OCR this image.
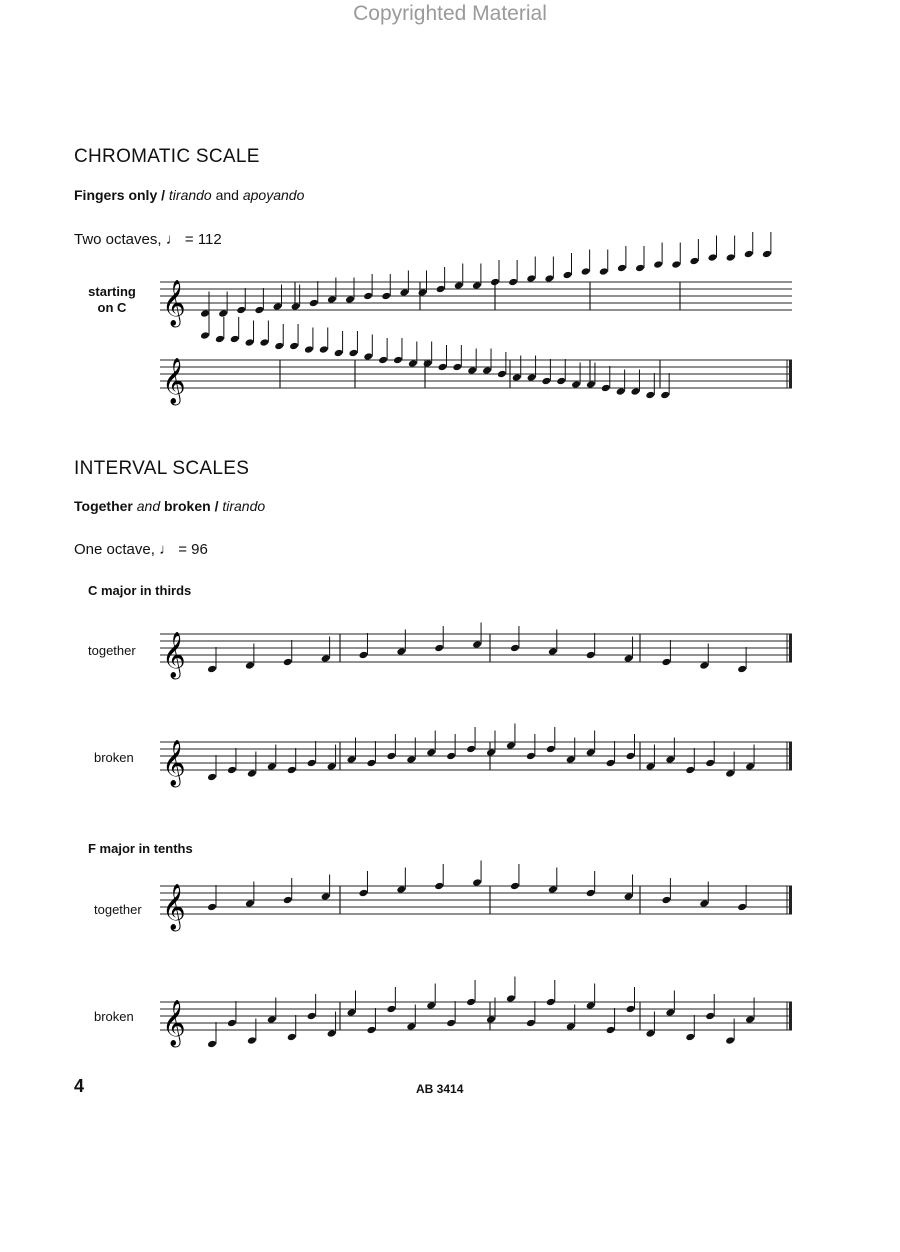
Copyrighted Material
CHROMATIC SCALE
Fingers only / tirando and apoyando
Two octaves, ♩ = 112
starting
on C 𝄞
𝄞
INTERVAL SCALES
Together and broken / tirando
One octave, ♩ = 96
C major in thirds
together 𝄞
broken 𝄞
F major in tenths
together 𝄞
broken 𝄞
4	AB 3414
